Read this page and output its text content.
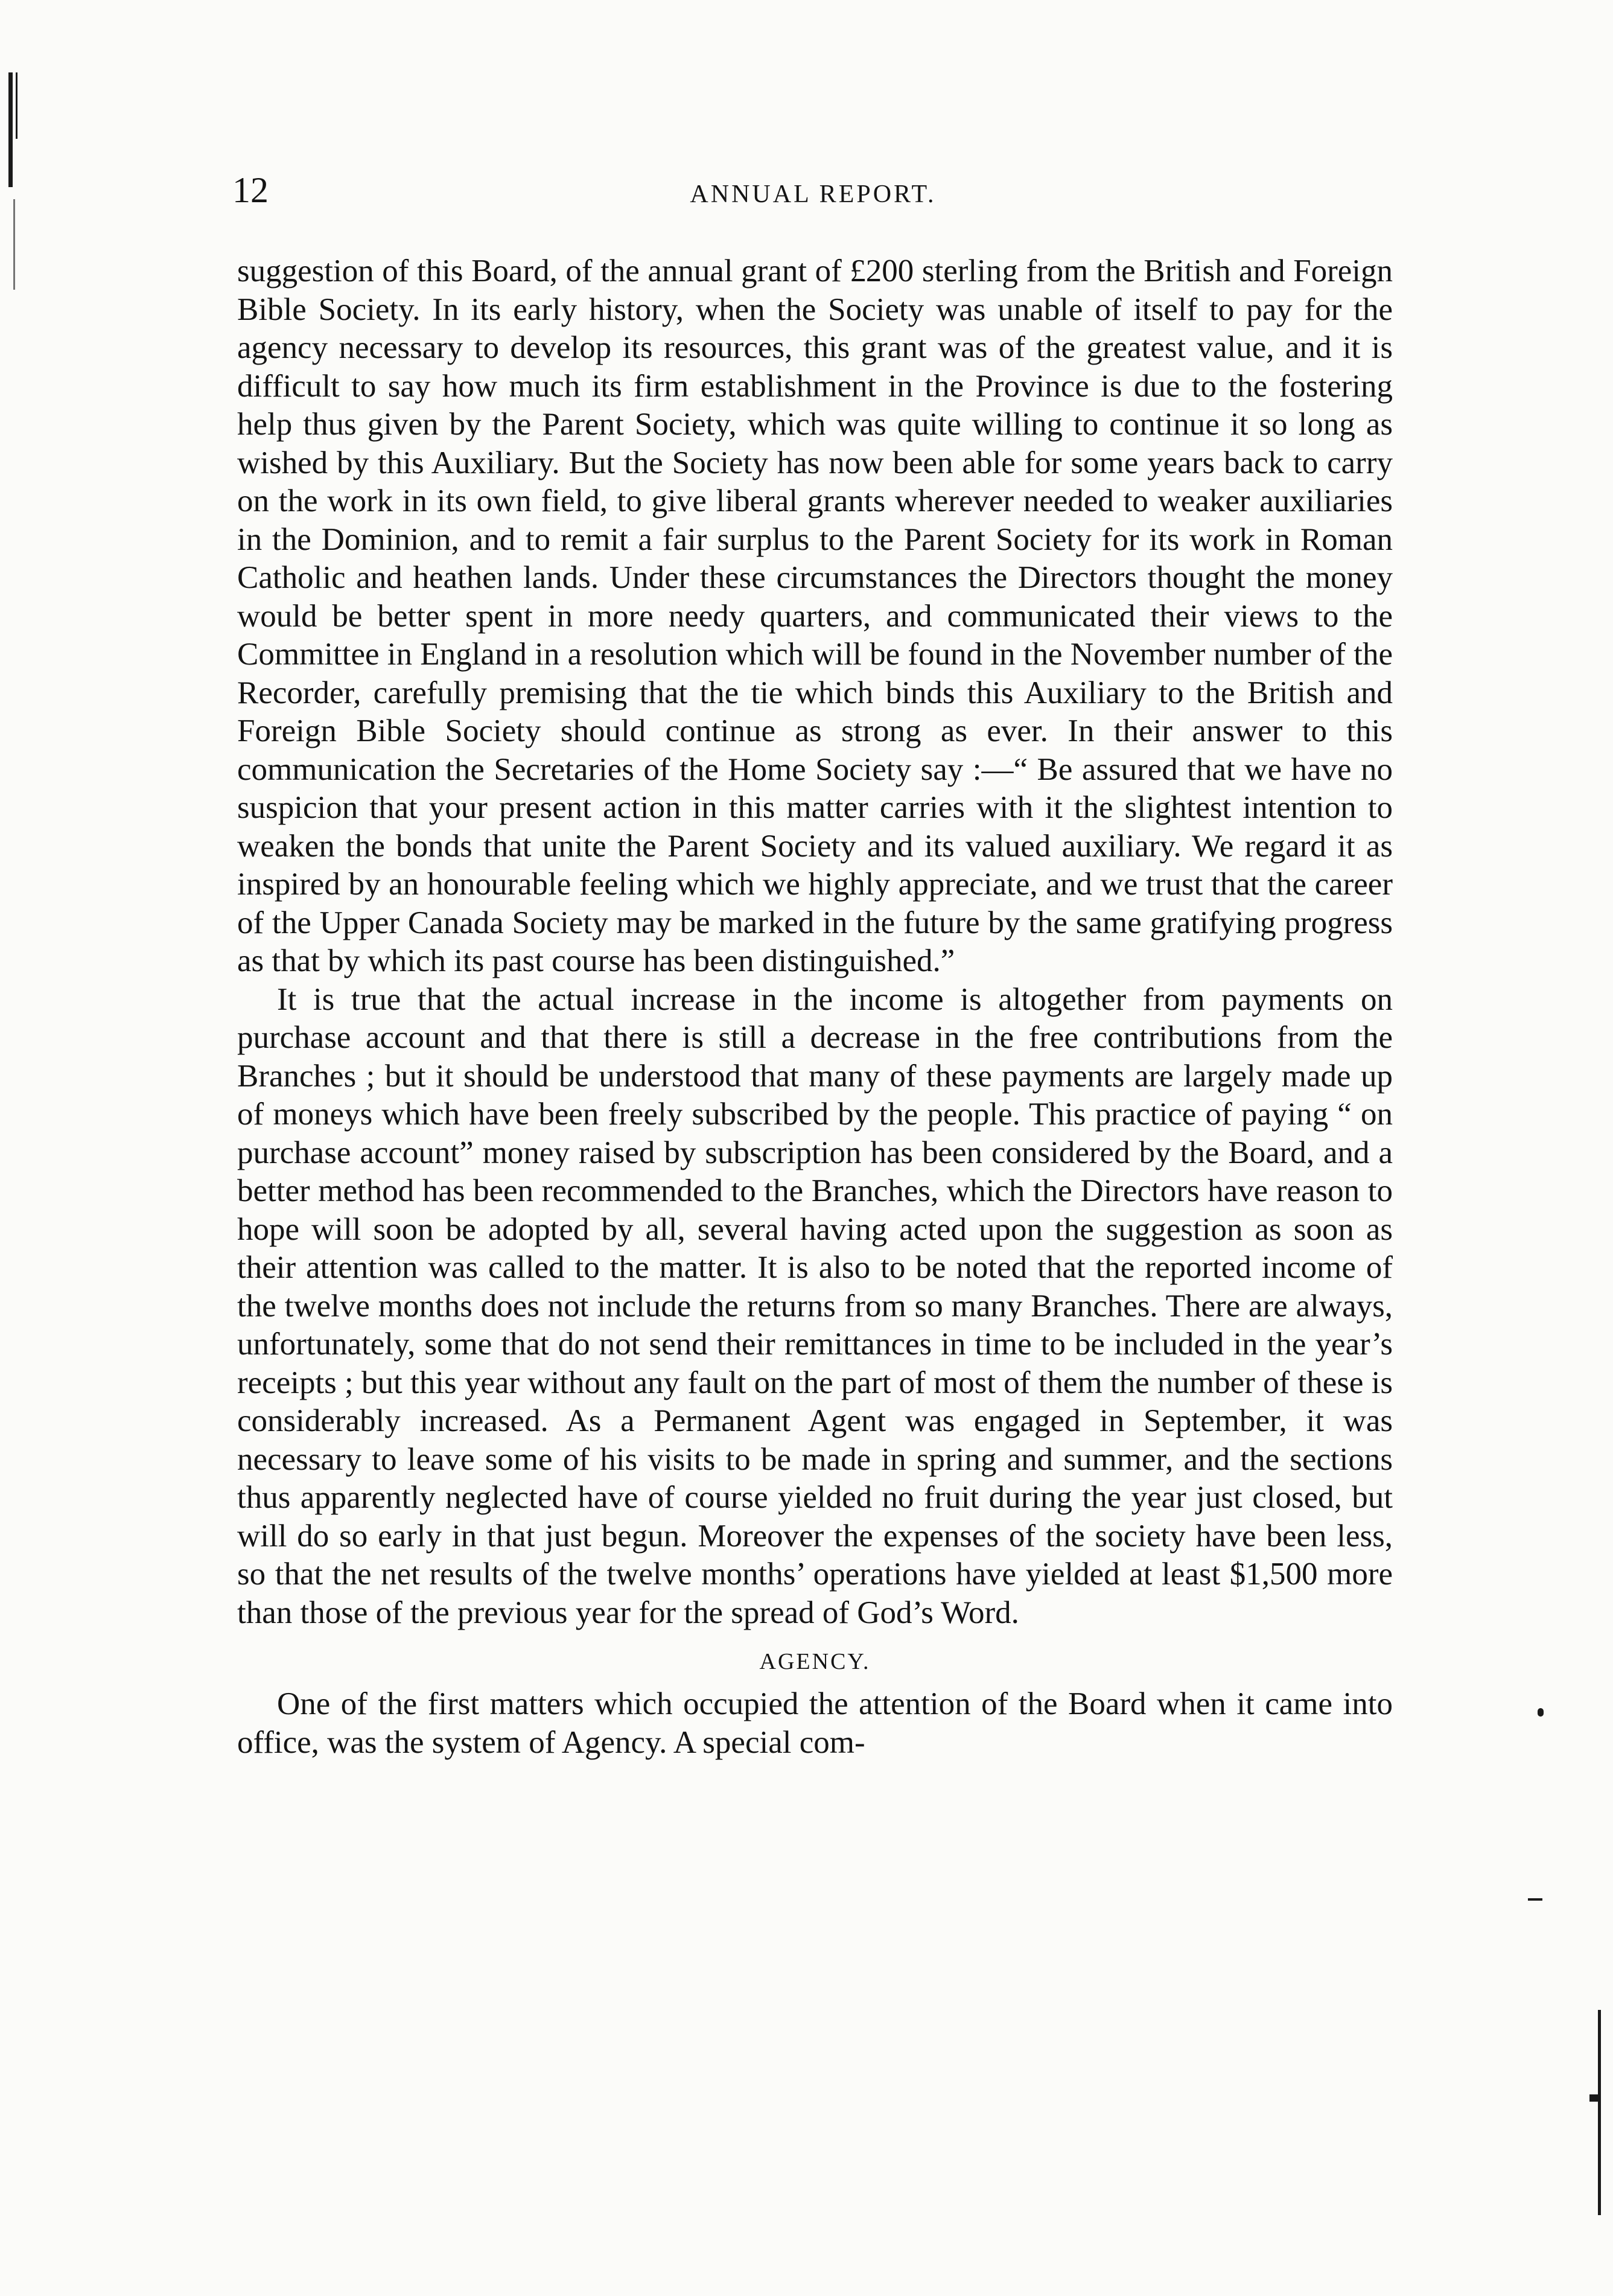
12	ANNUAL REPORT.

suggestion of this Board, of the annual grant of £200 sterling from the British and Foreign Bible Society. In its early history, when the Society was unable of itself to pay for the agency necessary to develop its resources, this grant was of the greatest value, and it is difficult to say how much its firm establishment in the Province is due to the fostering help thus given by the Parent Society, which was quite willing to continue it so long as wished by this Auxiliary. But the Society has now been able for some years back to carry on the work in its own field, to give liberal grants wherever needed to weaker auxiliaries in the Dominion, and to remit a fair surplus to the Parent Society for its work in Roman Catholic and heathen lands. Under these circumstances the Directors thought the money would be better spent in more needy quarters, and communicated their views to the Committee in England in a resolution which will be found in the November number of the Recorder, carefully premising that the tie which binds this Auxiliary to the British and Foreign Bible Society should continue as strong as ever. In their answer to this communication the Secretaries of the Home Society say :—“ Be assured that we have no suspicion that your present action in this matter carries with it the slightest intention to weaken the bonds that unite the Parent Society and its valued auxiliary. We regard it as inspired by an honourable feeling which we highly appreciate, and we trust that the career of the Upper Canada Society may be marked in the future by the same gratifying progress as that by which its past course has been distinguished.”

It is true that the actual increase in the income is altogether from payments on purchase account and that there is still a decrease in the free contributions from the Branches ; but it should be understood that many of these payments are largely made up of moneys which have been freely subscribed by the people. This practice of paying “ on purchase account” money raised by subscription has been considered by the Board, and a better method has been recommended to the Branches, which the Directors have reason to hope will soon be adopted by all, several having acted upon the suggestion as soon as their attention was called to the matter. It is also to be noted that the reported income of the twelve months does not include the returns from so many Branches. There are always, unfortunately, some that do not send their remittances in time to be included in the year’s receipts ; but this year without any fault on the part of most of them the number of these is considerably increased. As a Permanent Agent was engaged in September, it was necessary to leave some of his visits to be made in spring and summer, and the sections thus apparently neglected have of course yielded no fruit during the year just closed, but will do so early in that just begun. Moreover the expenses of the society have been less, so that the net results of the twelve months’ operations have yielded at least $1,500 more than those of the previous year for the spread of God’s Word.

AGENCY.

One of the first matters which occupied the attention of the Board when it came into office, was the system of Agency. A special com-
